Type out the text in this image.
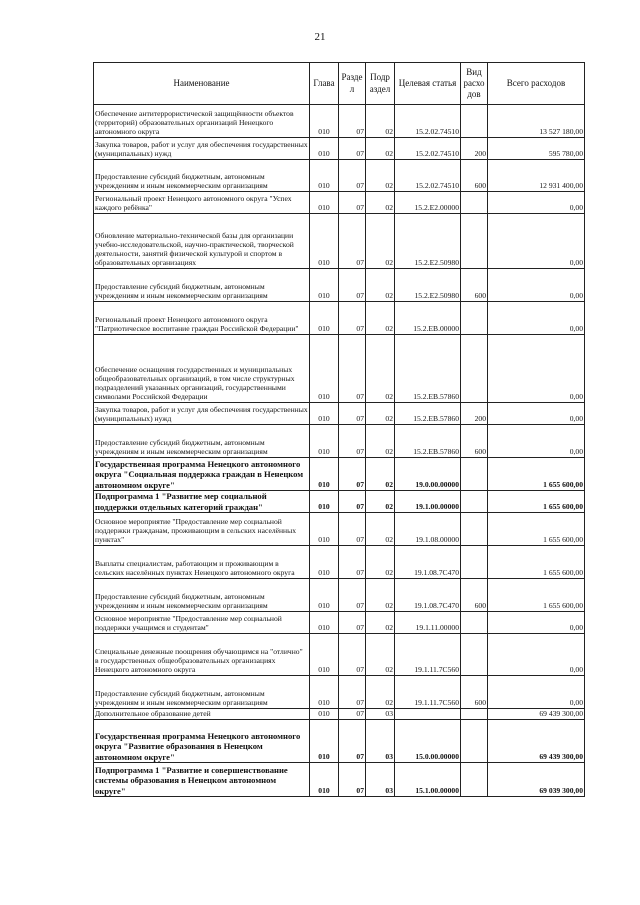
21
Наименование	Глава	Разде л	Подр аздел	Целевая статья	Вид расхо дов	Всего расходов
Обеспечение антитеррористической защищённости объектов (территорий) образовательных организаций Ненецкого автономного округа	010	07	02	15.2.02.74510		13 527 180,00
Закупка товаров, работ и услуг для обеспечения государственных (муниципальных) нужд	010	07	02	15.2.02.74510	200	595 780,00
Предоставление субсидий бюджетным, автономным учреждениям и иным некоммерческим организациям	010	07	02	15.2.02.74510	600	12 931 400,00
Региональный проект Ненецкого автономного округа "Успех каждого ребёнка"	010	07	02	15.2.E2.00000		0,00
Обновление материально-технической базы для организации учебно-исследовательской, научно-практической, творческой деятельности, занятий физической культурой и спортом в образовательных организациях	010	07	02	15.2.E2.50980		0,00
Предоставление субсидий бюджетным, автономным учреждениям и иным некоммерческим организациям	010	07	02	15.2.E2.50980	600	0,00
Региональный проект Ненецкого автономного округа "Патриотическое воспитание граждан Российской Федерации"	010	07	02	15.2.EB.00000		0,00
Обеспечение оснащения государственных и муниципальных общеобразовательных организаций, в том числе структурных подразделений указанных организаций, государственными символами Российской Федерации	010	07	02	15.2.EB.57860		0,00
Закупка товаров, работ и услуг для обеспечения государственных (муниципальных) нужд	010	07	02	15.2.EB.57860	200	0,00
Предоставление субсидий бюджетным, автономным учреждениям и иным некоммерческим организациям	010	07	02	15.2.EB.57860	600	0,00
Государственная программа Ненецкого автономного округа "Социальная поддержка граждан в Ненецком автономном округе"	010	07	02	19.0.00.00000		1 655 600,00
Подпрограмма 1 "Развитие мер социальной поддержки отдельных категорий граждан"	010	07	02	19.1.00.00000		1 655 600,00
Основное мероприятие "Предоставление мер социальной поддержки гражданам, проживающим в сельских населённых пунктах"	010	07	02	19.1.08.00000		1 655 600,00
Выплаты специалистам, работающим и проживающим в сельских населённых пунктах Ненецкого автономного округа	010	07	02	19.1.08.7С470		1 655 600,00
Предоставление субсидий бюджетным, автономным учреждениям и иным некоммерческим организациям	010	07	02	19.1.08.7С470	600	1 655 600,00
Основное мероприятие "Предоставление мер социальной поддержки учащимся и студентам"	010	07	02	19.1.11.00000		0,00
Специальные денежные поощрения обучающимся на "отлично" в государственных общеобразовательных организациях Ненецкого автономного округа	010	07	02	19.1.11.7С560		0,00
Предоставление субсидий бюджетным, автономным учреждениям и иным некоммерческим организациям	010	07	02	19.1.11.7С560	600	0,00
Дополнительное образование детей	010	07	03			69 439 300,00
Государственная программа Ненецкого автономного округа "Развитие образования в Ненецком автономном округе"	010	07	03	15.0.00.00000		69 439 300,00
Подпрограмма 1 "Развитие и совершенствование системы образования в Ненецком автономном округе"	010	07	03	15.1.00.00000		69 039 300,00
